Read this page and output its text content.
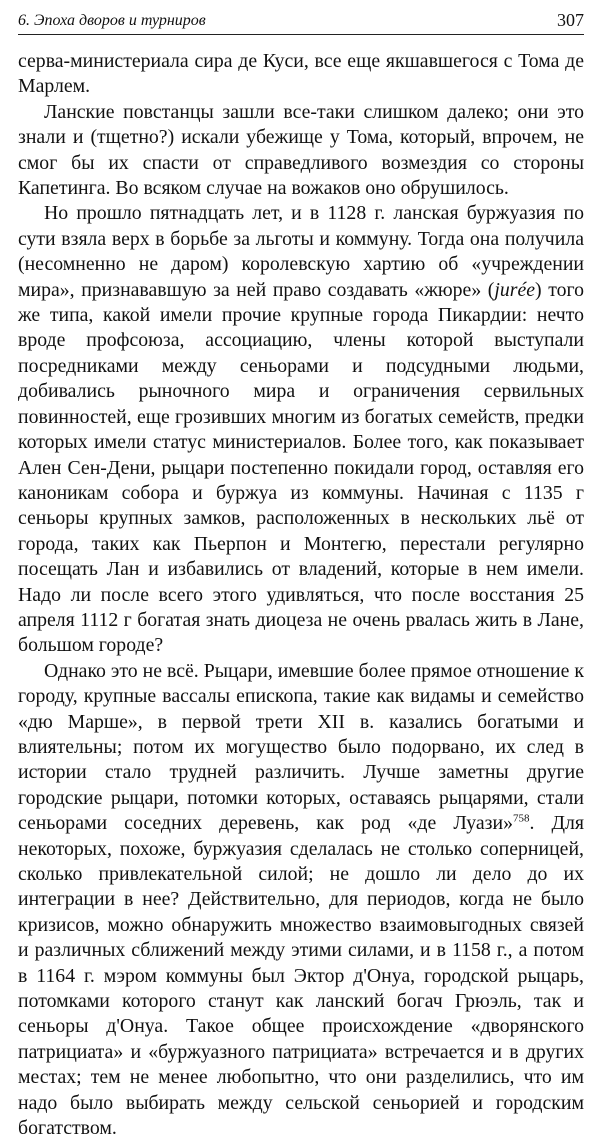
6. Эпоха дворов и турниров	307

серва-министериала сира де Куси, все еще якшавшегося с Тома де Марлем.

Ланские повстанцы зашли все-таки слишком далеко; они это знали и (тщетно?) искали убежище у Тома, который, впрочем, не смог бы их спасти от справедливого возмездия со стороны Капетинга. Во всяком случае на вожаков оно обрушилось.

Но прошло пятнадцать лет, и в 1128 г. ланская буржуазия по сути взяла верх в борьбе за льготы и коммуну. Тогда она получила (несомненно не даром) королевскую хартию об «учреждении мира», признававшую за ней право создавать «жюре» (jurée) того же типа, какой имели прочие крупные города Пикардии: нечто вроде профсоюза, ассоциацию, члены которой выступали посредниками между сеньорами и подсудными людьми, добивались рыночного мира и ограничения сервильных повинностей, еще грозивших многим из богатых семейств, предки которых имели статус министериалов. Более того, как показывает Ален Сен-Дени, рыцари постепенно покидали город, оставляя его каноникам собора и буржуа из коммуны. Начиная с 1135 г сеньоры крупных замков, расположенных в нескольких льё от города, таких как Пьерпон и Монтегю, перестали регулярно посещать Лан и избавились от владений, которые в нем имели. Надо ли после всего этого удивляться, что после восстания 25 апреля 1112 г богатая знать диоцеза не очень рвалась жить в Лане, большом городе?

Однако это не всё. Рыцари, имевшие более прямое отношение к городу, крупные вассалы епископа, такие как видамы и семейство «дю Марше», в первой трети XII в. казались богатыми и влиятельны; потом их могущество было подорвано, их след в истории стало трудней различить. Лучше заметны другие городские рыцари, потомки которых, оставаясь рыцарями, стали сеньорами соседних деревень, как род «де Луази»$^{758}$. Для некоторых, похоже, буржуазия сделалась не столько соперницей, сколько привлекательной силой; не дошло ли дело до их интеграции в нее? Действительно, для периодов, когда не было кризисов, можно обнаружить множество взаимовыгодных связей и различных сближений между этими силами, и в 1158 г., а потом в 1164 г. мэром коммуны был Эктор д'Онуа, городской рыцарь, потомками которого станут как ланский богач Грюэль, так и сеньоры д'Онуа. Такое общее происхождение «дворянского патрициата» и «буржуазного патрициата» встречается и в других местах; тем не менее любопытно, что они разделились, что им надо было выбирать между сельской сеньорией и городским богатством.
